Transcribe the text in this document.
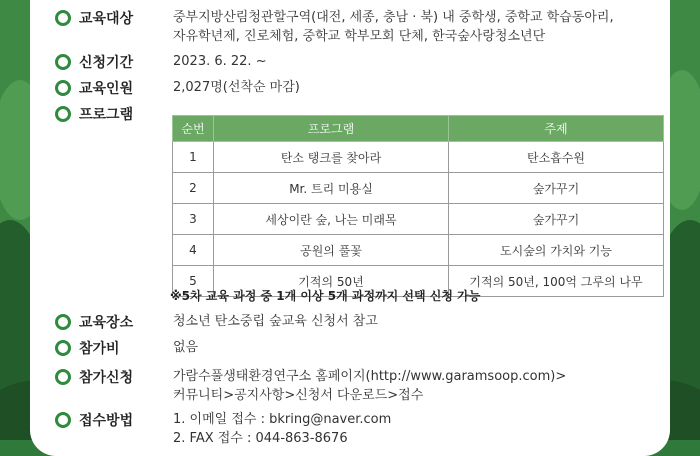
교육대상	중부지방산림청관할구역(대전, 세종, 충남 · 북) 내 중학생, 중학교 학습동아리,
자유학년제, 진로체험, 중학교 학부모회 단체, 한국숲사랑청소년단
신청기간	2023. 6. 22. ~
교육인원	2,027명(선착순 마감)
프로그램
순번	프로그램	주제
1	탄소 탱크를 찾아라	탄소흡수원
2	Mr. 트리 미용실	숲가꾸기
3	세상이란 숲, 나는 미래목	숲가꾸기
4	공원의 풀꽃	도시숲의 가치와 기능
5	기적의 50년	기적의 50년, 100억 그루의 나무
※5차 교육 과정 중 1개 이상 5개 과정까지 선택 신청 가능
교육장소	청소년 탄소중립 숲교육 신청서 참고
참가비	없음
참가신청	가람수풀생태환경연구소 홈페이지(http://www.garamsoop.com)>
커뮤니티>공지사항>신청서 다운로드>접수
접수방법	1. 이메일 접수 : bkring@naver.com
2. FAX 접수 : 044-863-8676
